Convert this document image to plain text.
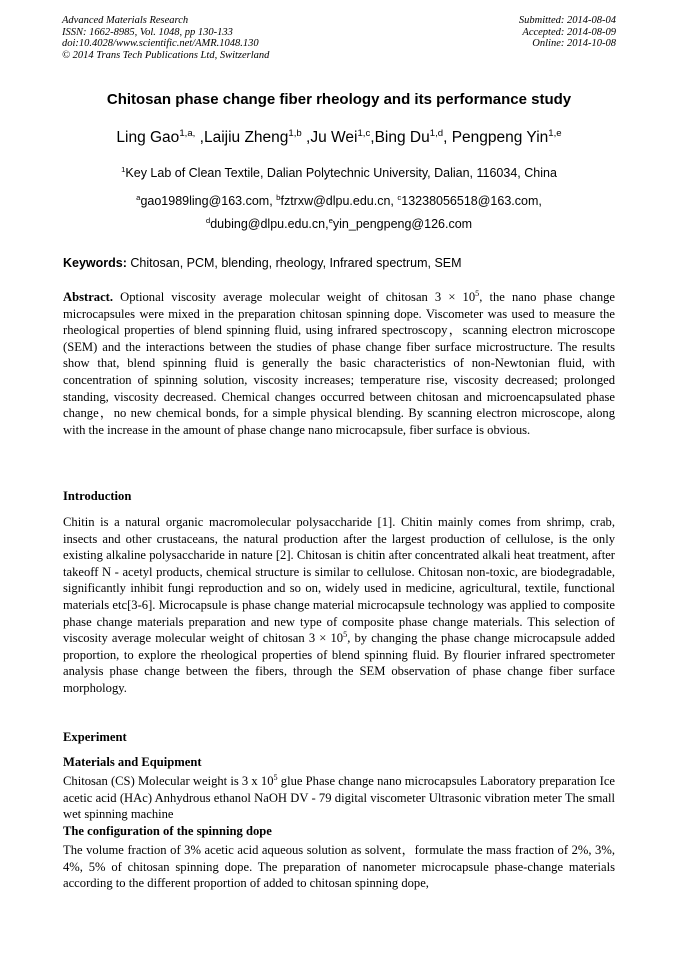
Advanced Materials Research
ISSN: 1662-8985, Vol. 1048, pp 130-133
doi:10.4028/www.scientific.net/AMR.1048.130
© 2014 Trans Tech Publications Ltd, Switzerland
Submitted: 2014-08-04
Accepted: 2014-08-09
Online: 2014-10-08
Chitosan phase change fiber rheology and its performance study
Ling Gao$^{1,a,}$ ,Laijiu Zheng$^{1,b}$ ,Ju Wei$^{1,c}$,Bing Du$^{1,d}$, Pengpeng Yin$^{1,e}$
$^1$Key Lab of Clean Textile, Dalian Polytechnic University, Dalian, 116034, China
$^a$gao1989ling@163.com, $^b$fztrxw@dlpu.edu.cn, $^c$13238056518@163.com,
$^d$dubing@dlpu.edu.cn,$^e$yin_pengpeng@126.com
Keywords: Chitosan, PCM, blending, rheology, Infrared spectrum, SEM
Abstract. Optional viscosity average molecular weight of chitosan $3 \times 10^5$, the nano phase change microcapsules were mixed in the preparation chitosan spinning dope. Viscometer was used to measure the rheological properties of blend spinning fluid, using infrared spectroscopy，scanning electron microscope (SEM) and the interactions between the studies of phase change fiber surface microstructure. The results show that, blend spinning fluid is generally the basic characteristics of non-Newtonian fluid, with concentration of spinning solution, viscosity increases; temperature rise, viscosity decreased; prolonged standing, viscosity decreased. Chemical changes occurred between chitosan and microencapsulated phase change，no new chemical bonds, for a simple physical blending. By scanning electron microscope, along with the increase in the amount of phase change nano microcapsule, fiber surface is obvious.
Introduction
Chitin is a natural organic macromolecular polysaccharide [1]. Chitin mainly comes from shrimp, crab, insects and other crustaceans, the natural production after the largest production of cellulose, is the only existing alkaline polysaccharide in nature [2]. Chitosan is chitin after concentrated alkali heat treatment, after takeoff N - acetyl products, chemical structure is similar to cellulose. Chitosan non-toxic, are biodegradable, significantly inhibit fungi reproduction and so on, widely used in medicine, agricultural, textile, functional materials etc[3-6]. Microcapsule is phase change material microcapsule technology was applied to composite phase change materials preparation and new type of composite phase change materials. This selection of viscosity average molecular weight of chitosan $3 \times 10^5$, by changing the phase change microcapsule added proportion, to explore the rheological properties of blend spinning fluid. By flourier infrared spectrometer analysis phase change between the fibers, through the SEM observation of phase change fiber surface morphology.
Experiment
Materials and Equipment
Chitosan (CS) Molecular weight is 3 x $10^5$ glue Phase change nano microcapsules Laboratory preparation Ice acetic acid (HAc) Anhydrous ethanol NaOH DV - 79 digital viscometer Ultrasonic vibration meter The small wet spinning machine
The configuration of the spinning dope
The volume fraction of 3% acetic acid aqueous solution as solvent，formulate the mass fraction of 2%, 3%, 4%, 5% of chitosan spinning dope. The preparation of nanometer microcapsule phase-change materials according to the different proportion of added to chitosan spinning dope,
